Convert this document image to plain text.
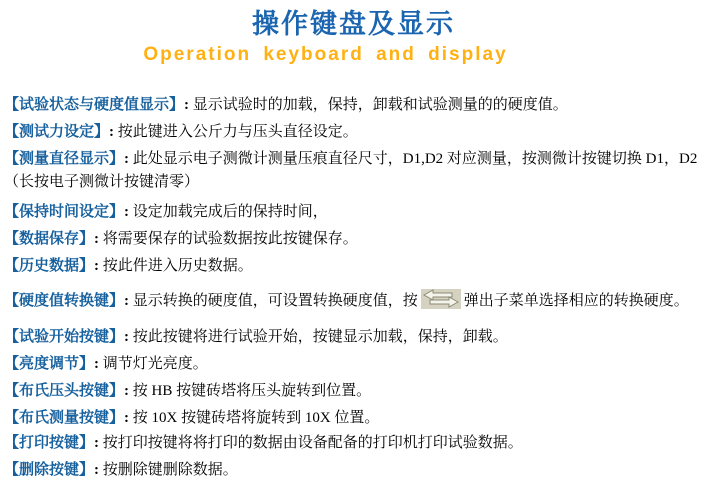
操作键盘及显示
Operation keyboard and display

【试验状态与硬度值显示】: 显示试验时的加载，保持，卸载和试验测量的的硬度值。

【测试力设定】: 按此键进入公斤力与压头直径设定。

【测量直径显示】: 此处显示电子测微计测量压痕直径尺寸，D1,D2 对应测量，按测微计按键切换 D1，D2

（长按电子测微计按键清零）

【保持时间设定】: 设定加载完成后的保持时间，

【数据保存】: 将需要保存的试验数据按此按键保存。

【历史数据】: 按此件进入历史数据。

【硬度值转换键】: 显示转换的硬度值，可设置转换硬度值，按	弹出子菜单选择相应的转换硬度。

【试验开始按键】: 按此按键将进行试验开始，按键显示加载，保持，卸载。

【亮度调节】: 调节灯光亮度。

【布氏压头按键】: 按 HB 按键砖塔将压头旋转到位置。

【布氏测量按键】: 按 10X 按键砖塔将旋转到 10X 位置。

【打印按键】: 按打印按键将将打印的数据由设备配备的打印机打印试验数据。

【删除按键】: 按删除键删除数据。
